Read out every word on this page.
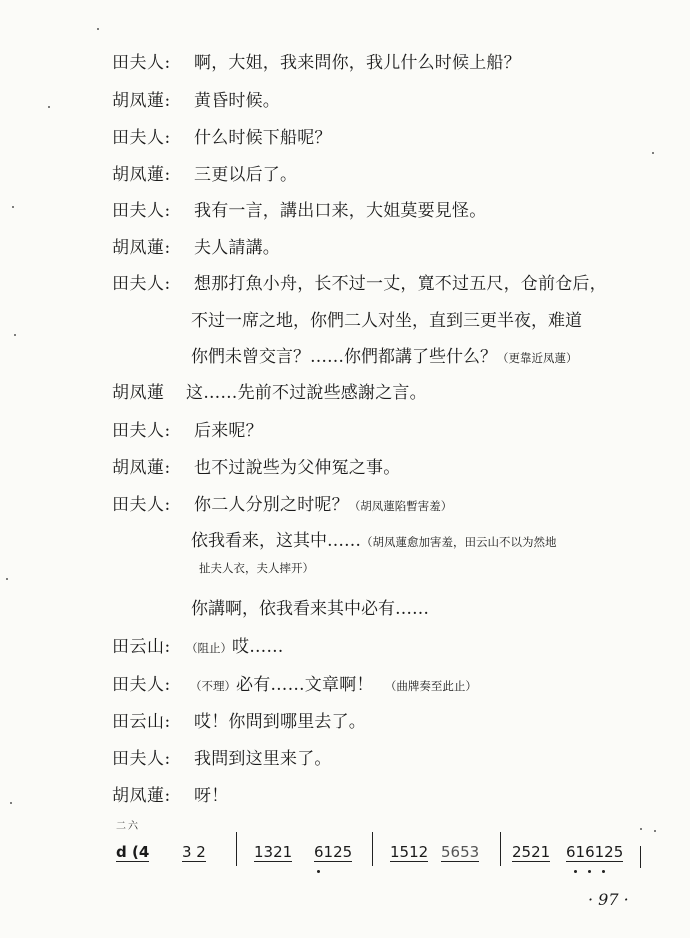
田夫人: 啊，大姐，我来問你，我儿什么时候上船？
胡凤蓮: 黄昏时候。
田夫人: 什么时候下船呢？
胡凤蓮: 三更以后了。
田夫人: 我有一言，講出口来，大姐莫要見怪。
胡凤蓮: 夫人請講。
田夫人: 想那打魚小舟，长不过一丈，寬不过五尺，仓前仓后，
不过一席之地，你們二人对坐，直到三更半夜，难道
你們未曾交言？……你們都講了些什么？（更靠近凤蓮）
胡凤蓮 这……先前不过說些感謝之言。
田夫人: 后来呢？
胡凤蓮: 也不过說些为父伸冤之事。
田夫人: 你二人分別之时呢？（胡凤蓮陷暫害羞）
依我看来，这其中……（胡凤蓮愈加害羞，田云山不以为然地
扯夫人衣，夫人摔开）
你講啊，依我看来其中必有……
田云山: （阻止）哎……
田夫人: （不理）必有……文章啊！ （曲牌奏至此止）
田云山: 哎！你問到哪里去了。
田夫人: 我問到这里来了。
胡凤蓮: 呀！
二六
d (4 3 2	1321 6125	1512 5653 2521 616125
· 97 ·
